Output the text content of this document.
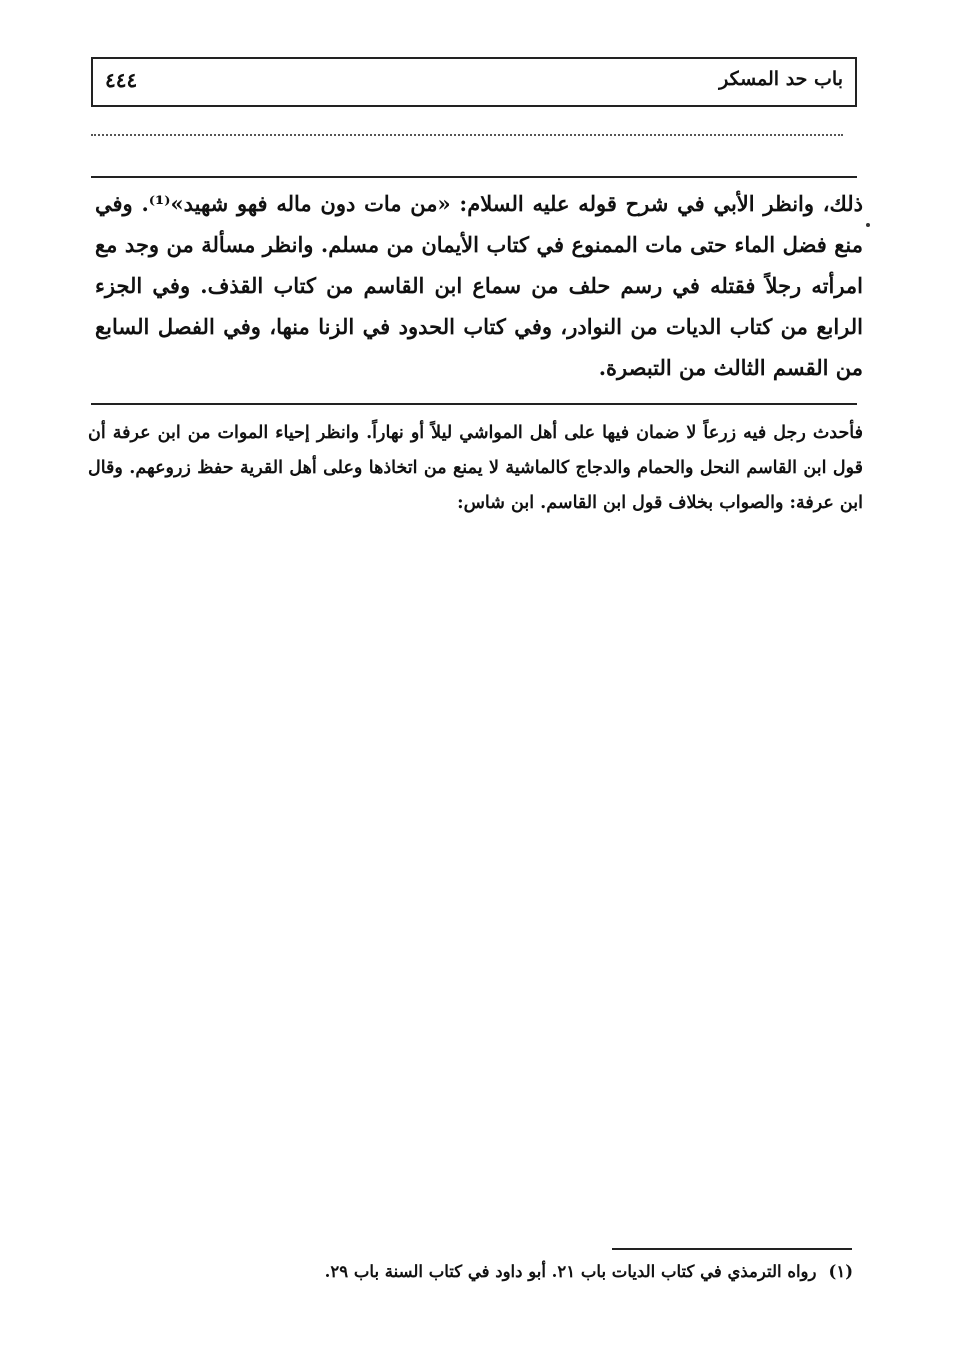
باب حد المسكر
٤٤٤
ذلك، وانظر الأبي في شرح قوله عليه السلام: «من مات دون ماله فهو شهيد»⁽¹⁾. وفي منع فضل الماء حتى مات الممنوع في كتاب الأيمان من مسلم. وانظر مسألة من وجد مع امرأته رجلاً فقتله في رسم حلف من سماع ابن القاسم من كتاب القذف. وفي الجزء الرابع من كتاب الديات من النوادر، وفي كتاب الحدود في الزنا منها، وفي الفصل السابع من القسم الثالث من التبصرة.
فأحدث رجل فيه زرعاً لا ضمان فيها على أهل المواشي ليلاً أو نهاراً. وانظر إحياء الموات من ابن عرفة أن قول ابن القاسم النحل والحمام والدجاج كالماشية لا يمنع من اتخاذها وعلى أهل القرية حفظ زروعهم. وقال ابن عرفة: والصواب بخلاف قول ابن القاسم. ابن شاس:
(١)رواه الترمذي في كتاب الديات باب ٢١. أبو داود في كتاب السنة باب ٢٩.
